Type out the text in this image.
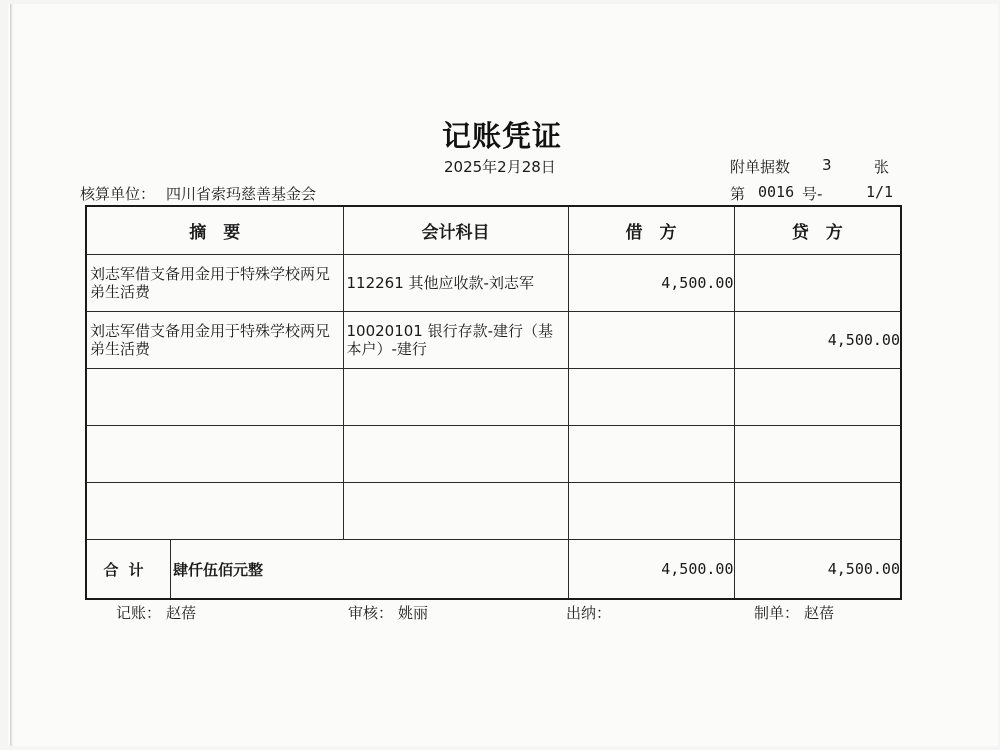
记账凭证
2025年2月28日	附单据数 3	张
核算单位： 四川省索玛慈善基金会	第 0016 号-	1/1
摘　要	会计科目	借　方	贷　方

刘志军借支备用金用于特殊学校两兄弟生活费	112261 其他应收款-刘志军	4,500.00	

刘志军借支备用金用于特殊学校两兄弟生活费	10020101 银行存款-建行（基本户）-建行		4,500.00

合计 肆仟伍佰元整		4,500.00	4,500.00
记账： 赵蓓	审核： 姚丽	出纳：	制单： 赵蓓
